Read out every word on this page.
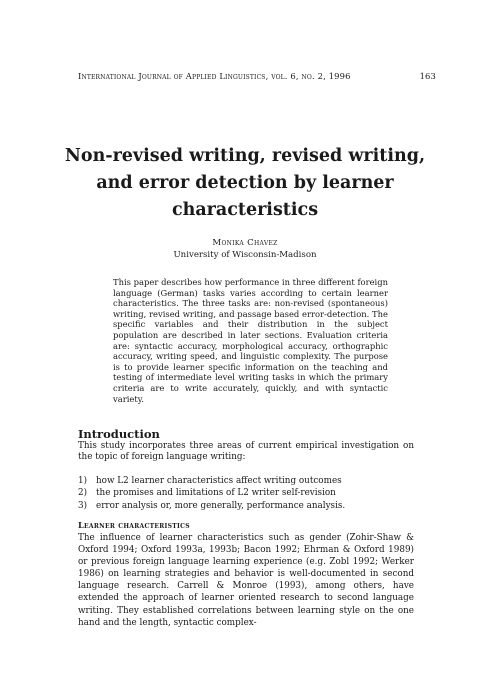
International Journal of Applied Linguistics, vol. 6, no. 2, 1996	163
Non-revised writing, revised writing, and error detection by learner characteristics
Monika Chavez
University of Wisconsin-Madison

This paper describes how performance in three different foreign language (German) tasks varies according to certain learner characteristics. The three tasks are: non-revised (spontaneous) writing, revised writing, and passage based error-detection. The specific variables and their distribution in the subject population are described in later sections. Evaluation criteria are: syntactic accuracy, morphological accuracy, orthographic accuracy, writing speed, and linguistic complexity. The purpose is to provide learner specific information on the teaching and testing of intermediate level writing tasks in which the primary criteria are to write accurately, quickly, and with syntactic variety.

Introduction

This study incorporates three areas of current empirical investigation on the topic of foreign language writing:

1) how L2 learner characteristics affect writing outcomes
2) the promises and limitations of L2 writer self-revision
3) error analysis or, more generally, performance analysis.
Learner characteristics

The influence of learner characteristics such as gender (Zohir-Shaw & Oxford 1994; Oxford 1993a, 1993b; Bacon 1992; Ehrman & Oxford 1989) or previous foreign language learning experience (e.g. Zobl 1992; Werker 1986) on learning strategies and behavior is well-documented in second language research. Carrell & Monroe (1993), among others, have extended the approach of learner oriented research to second language writing. They established correlations between learning style on the one hand and the length, syntactic complex-
